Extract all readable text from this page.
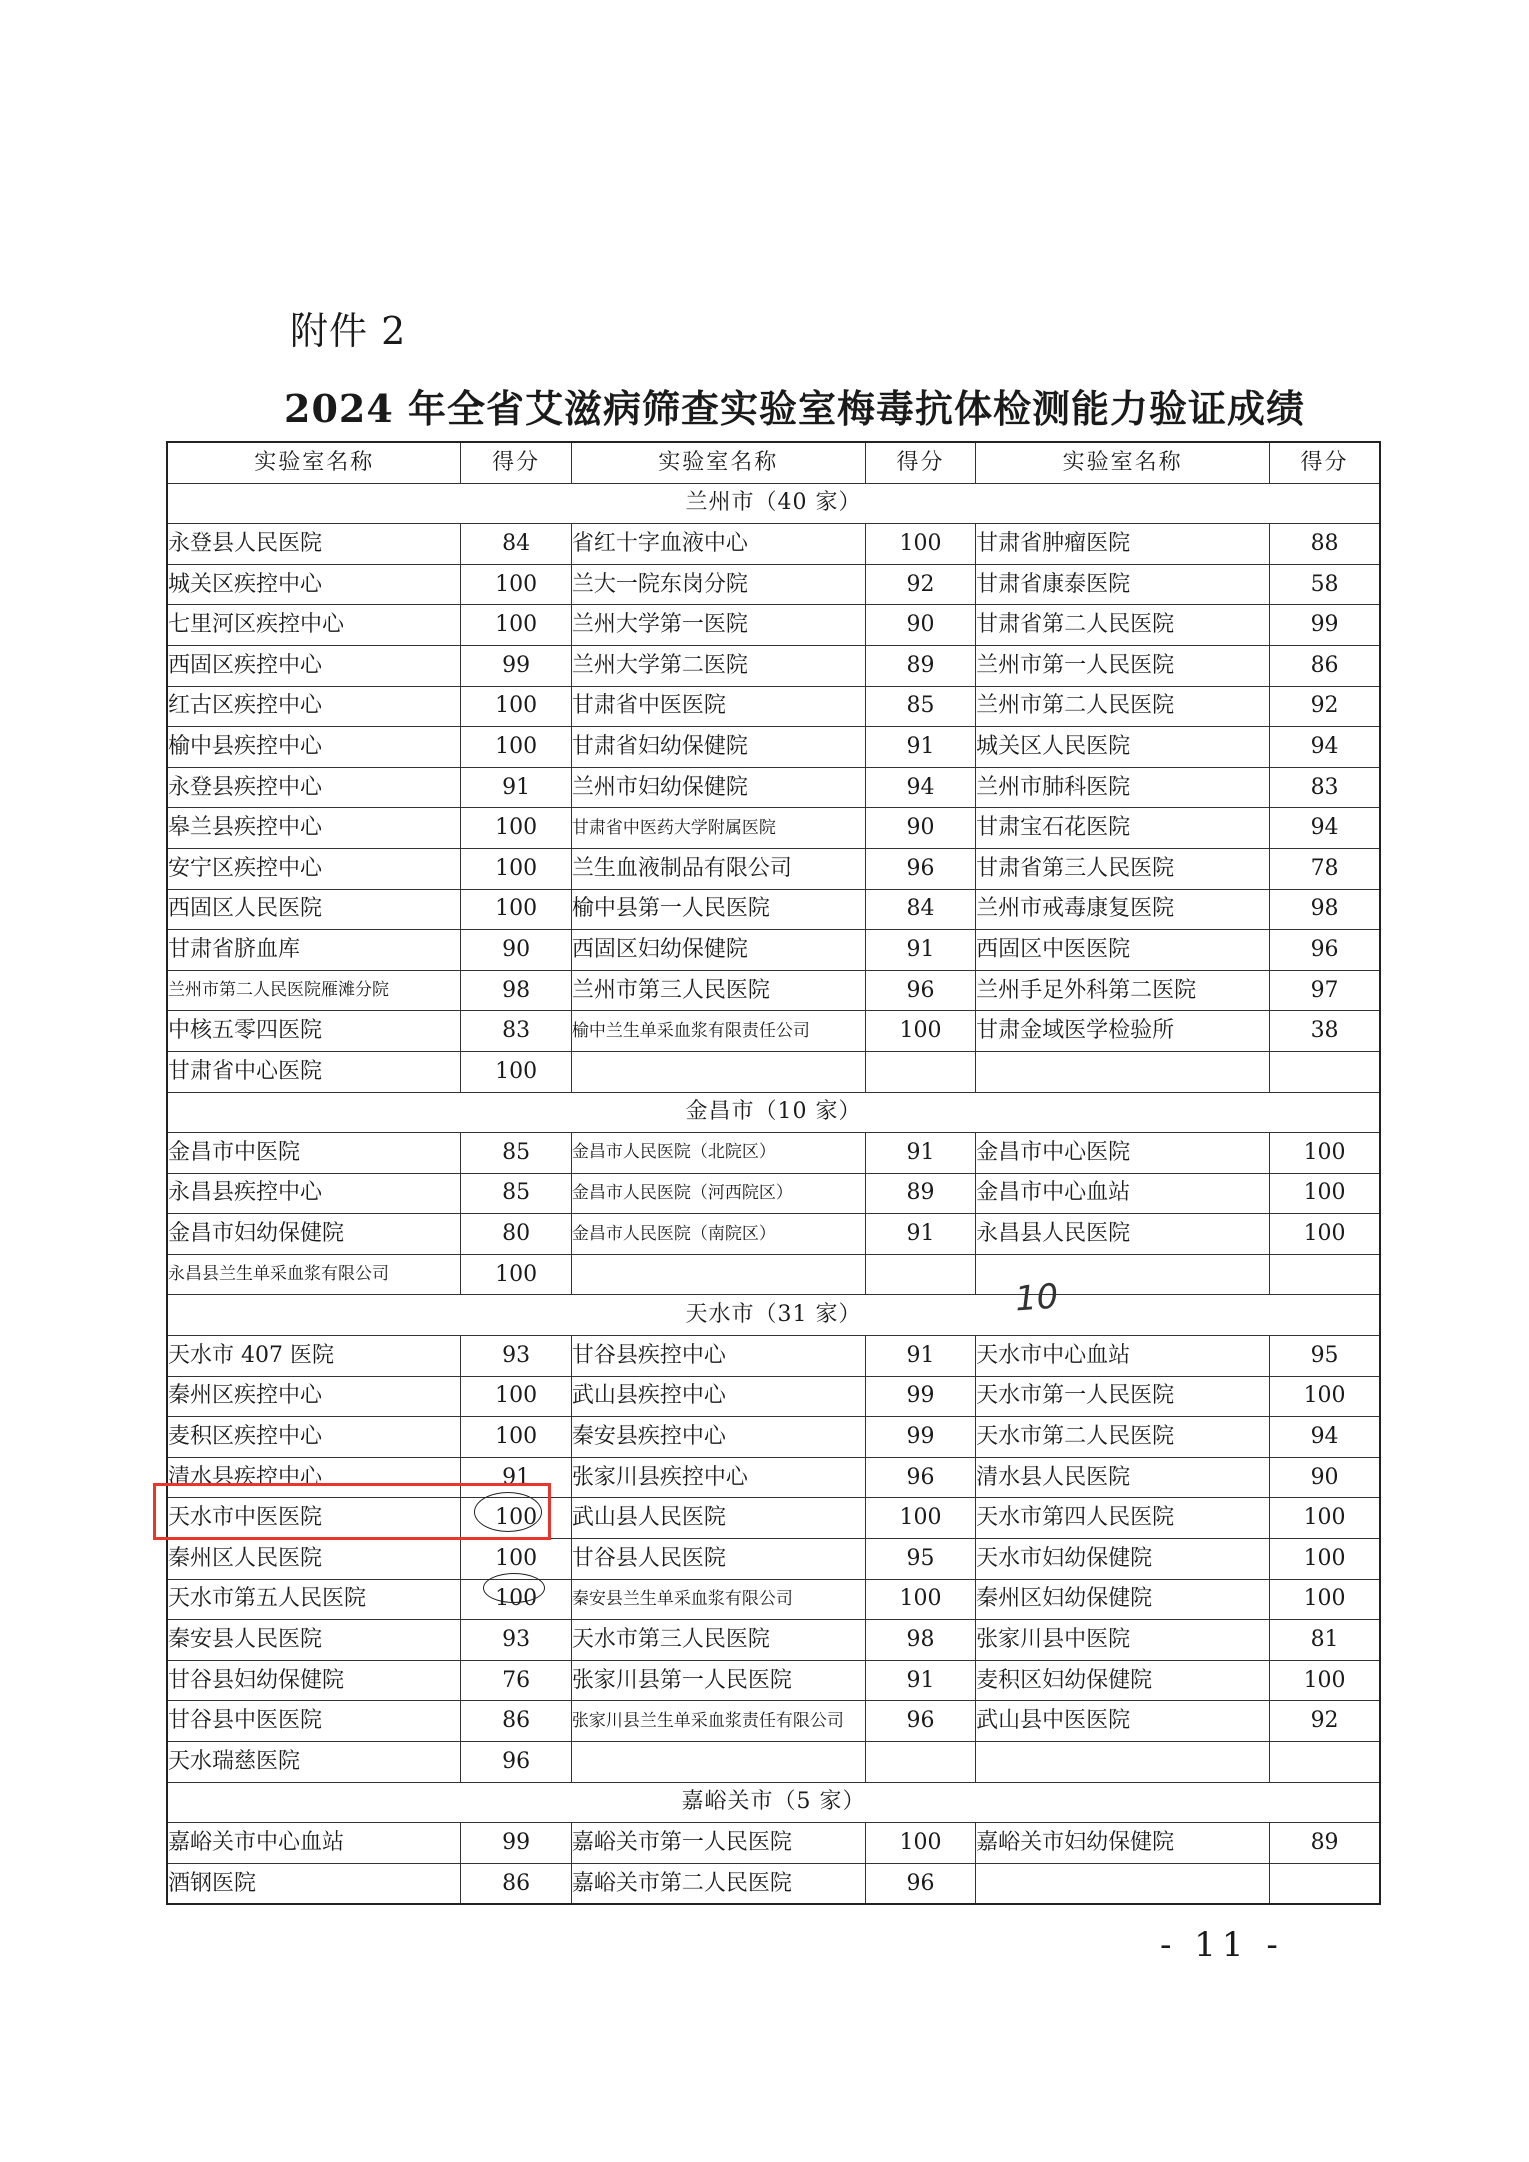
附件 2
2024 年全省艾滋病筛查实验室梅毒抗体检测能力验证成绩
实验室名称	得分	实验室名称	得分	实验室名称	得分
兰州市（40 家）					
永登县人民医院	84	省红十字血液中心	100	甘肃省肿瘤医院	88
城关区疾控中心	100	兰大一院东岗分院	92	甘肃省康泰医院	58
七里河区疾控中心	100	兰州大学第一医院	90	甘肃省第二人民医院	99
西固区疾控中心	99	兰州大学第二医院	89	兰州市第一人民医院	86
红古区疾控中心	100	甘肃省中医医院	85	兰州市第二人民医院	92
榆中县疾控中心	100	甘肃省妇幼保健院	91	城关区人民医院	94
永登县疾控中心	91	兰州市妇幼保健院	94	兰州市肺科医院	83
皋兰县疾控中心	100	甘肃省中医药大学附属医院	90	甘肃宝石花医院	94
安宁区疾控中心	100	兰生血液制品有限公司	96	甘肃省第三人民医院	78
西固区人民医院	100	榆中县第一人民医院	84	兰州市戒毒康复医院	98
甘肃省脐血库	90	西固区妇幼保健院	91	西固区中医医院	96
兰州市第二人民医院雁滩分院	98	兰州市第三人民医院	96	兰州手足外科第二医院	97
中核五零四医院	83	榆中兰生单采血浆有限责任公司	100	甘肃金域医学检验所	38
甘肃省中心医院	100				
金昌市（10 家）					
金昌市中医院	85	金昌市人民医院（北院区）	91	金昌市中心医院	100
永昌县疾控中心	85	金昌市人民医院（河西院区）	89	金昌市中心血站	100
金昌市妇幼保健院	80	金昌市人民医院（南院区）	91	永昌县人民医院	100
永昌县兰生单采血浆有限公司	100				
天水市（31 家）					
天水市 407 医院	93	甘谷县疾控中心	91	天水市中心血站	95
秦州区疾控中心	100	武山县疾控中心	99	天水市第一人民医院	100
麦积区疾控中心	100	秦安县疾控中心	99	天水市第二人民医院	94
清水县疾控中心	91	张家川县疾控中心	96	清水县人民医院	90
天水市中医医院	100	武山县人民医院	100	天水市第四人民医院	100
秦州区人民医院	100	甘谷县人民医院	95	天水市妇幼保健院	100
天水市第五人民医院	100	秦安县兰生单采血浆有限公司	100	秦州区妇幼保健院	100
秦安县人民医院	93	天水市第三人民医院	98	张家川县中医院	81
甘谷县妇幼保健院	76	张家川县第一人民医院	91	麦积区妇幼保健院	100
甘谷县中医医院	86	张家川县兰生单采血浆责任有限公司	96	武山县中医医院	92
天水瑞慈医院	96				
嘉峪关市（5 家）					
嘉峪关市中心血站	99	嘉峪关市第一人民医院	100	嘉峪关市妇幼保健院	89
酒钢医院	86	嘉峪关市第二人民医院	96		
10
- 11 -
